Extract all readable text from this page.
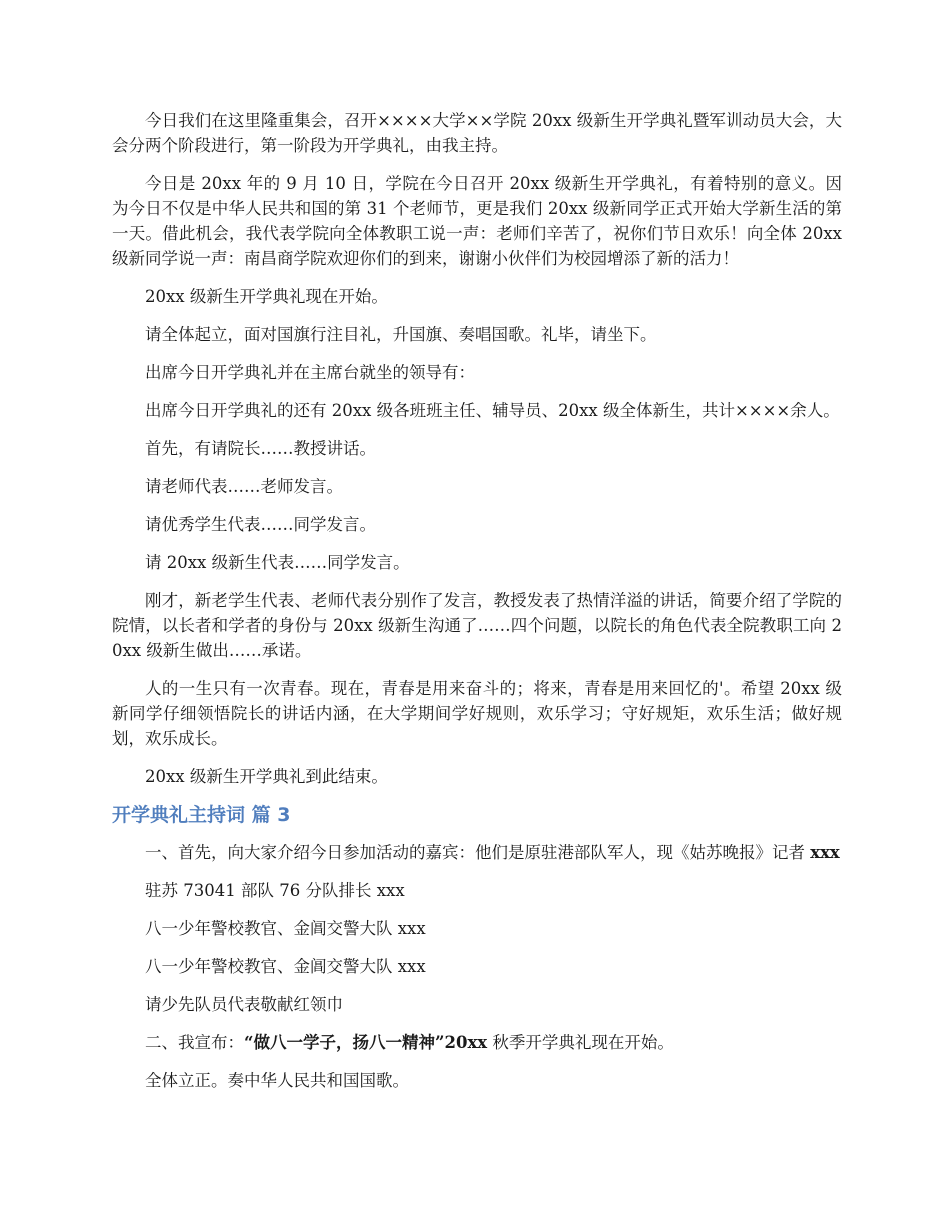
今日我们在这里隆重集会，召开××××大学××学院 20xx 级新生开学典礼暨军训动员大会，大会分两个阶段进行，第一阶段为开学典礼，由我主持。

今日是 20xx 年的 9 月 10 日，学院在今日召开 20xx 级新生开学典礼，有着特别的意义。因为今日不仅是中华人民共和国的第 31 个老师节，更是我们 20xx 级新同学正式开始大学新生活的第一天。借此机会，我代表学院向全体教职工说一声：老师们辛苦了，祝你们节日欢乐！向全体 20xx 级新同学说一声：南昌商学院欢迎你们的到来，谢谢小伙伴们为校园增添了新的活力！

20xx 级新生开学典礼现在开始。

请全体起立，面对国旗行注目礼，升国旗、奏唱国歌。礼毕，请坐下。

出席今日开学典礼并在主席台就坐的领导有：

出席今日开学典礼的还有 20xx 级各班班主任、辅导员、20xx 级全体新生，共计××××余人。

首先，有请院长……教授讲话。

请老师代表……老师发言。

请优秀学生代表……同学发言。

请 20xx 级新生代表……同学发言。

刚才，新老学生代表、老师代表分别作了发言，教授发表了热情洋溢的讲话，简要介绍了学院的院情，以长者和学者的身份与 20xx 级新生沟通了……四个问题，以院长的角色代表全院教职工向 20xx 级新生做出……承诺。

人的一生只有一次青春。现在，青春是用来奋斗的；将来，青春是用来回忆的'。希望 20xx 级新同学仔细领悟院长的讲话内涵，在大学期间学好规则，欢乐学习；守好规矩，欢乐生活；做好规划，欢乐成长。

20xx 级新生开学典礼到此结束。

开学典礼主持词 篇 3

一、首先，向大家介绍今日参加活动的嘉宾：他们是原驻港部队军人，现《姑苏晚报》记者 xxx

驻苏 73041 部队 76 分队排长 xxx

八一少年警校教官、金阊交警大队 xxx

八一少年警校教官、金阊交警大队 xxx

请少先队员代表敬献红领巾

二、我宣布：“做八一学子，扬八一精神”20xx 秋季开学典礼现在开始。

全体立正。奏中华人民共和国国歌。
